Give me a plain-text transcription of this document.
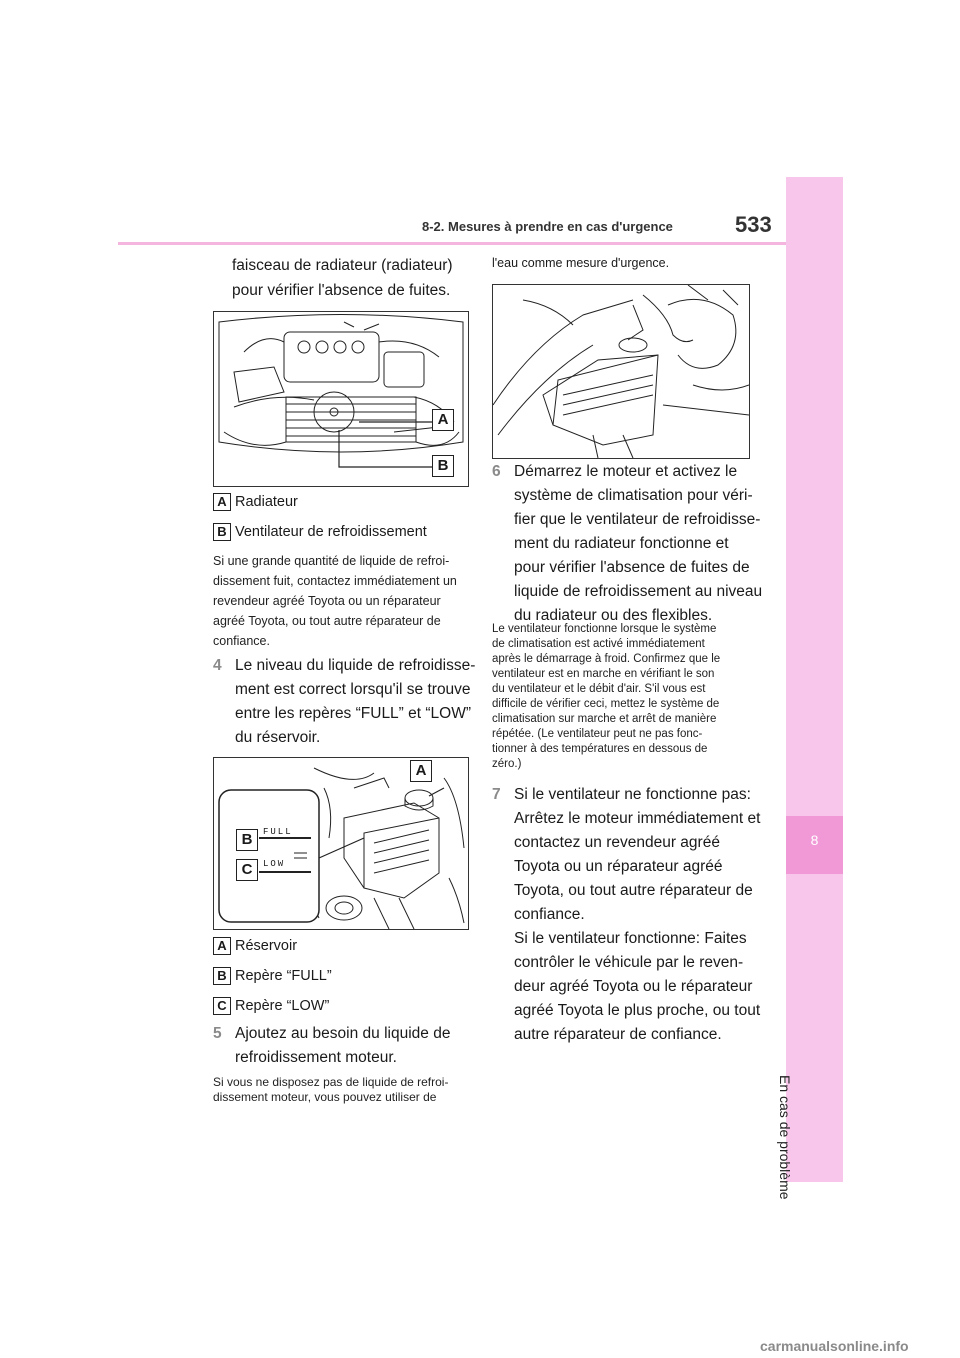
8
En cas de problème
8-2. Mesures à prendre en cas d'urgence	533
faisceau de radiateur (radiateur)
pour vérifier l'absence de fuites.
A
B
A Radiateur
B Ventilateur de refroidissement
Si une grande quantité de liquide de refroi-
dissement fuit, contactez immédiatement un
revendeur agréé Toyota ou un réparateur
agréé Toyota, ou tout autre réparateur de
confiance.
4 Le niveau du liquide de refroidisse-
ment est correct lorsqu'il se trouve
entre les repères “FULL” et “LOW”
du réservoir.
FULL
LOW
A
B
C
A Réservoir
B Repère “FULL”
C Repère “LOW”
5 Ajoutez au besoin du liquide de
refroidissement moteur.
Si vous ne disposez pas de liquide de refroi-
dissement moteur, vous pouvez utiliser de
l'eau comme mesure d'urgence.
6 Démarrez le moteur et activez le
système de climatisation pour véri-
fier que le ventilateur de refroidisse-
ment du radiateur fonctionne et
pour vérifier l'absence de fuites de
liquide de refroidissement au niveau
du radiateur ou des flexibles.
Le ventilateur fonctionne lorsque le système
de climatisation est activé immédiatement
après le démarrage à froid. Confirmez que le
ventilateur est en marche en vérifiant le son
du ventilateur et le débit d'air. S'il vous est
difficile de vérifier ceci, mettez le système de
climatisation sur marche et arrêt de manière
répétée. (Le ventilateur peut ne pas fonc-
tionner à des températures en dessous de
zéro.)
7 Si le ventilateur ne fonctionne pas:
Arrêtez le moteur immédiatement et
contactez un revendeur agréé
Toyota ou un réparateur agréé
Toyota, ou tout autre réparateur de
confiance.
Si le ventilateur fonctionne: Faites
contrôler le véhicule par le reven-
deur agréé Toyota ou le réparateur
agréé Toyota le plus proche, ou tout
autre réparateur de confiance.
carmanualsonline.info
